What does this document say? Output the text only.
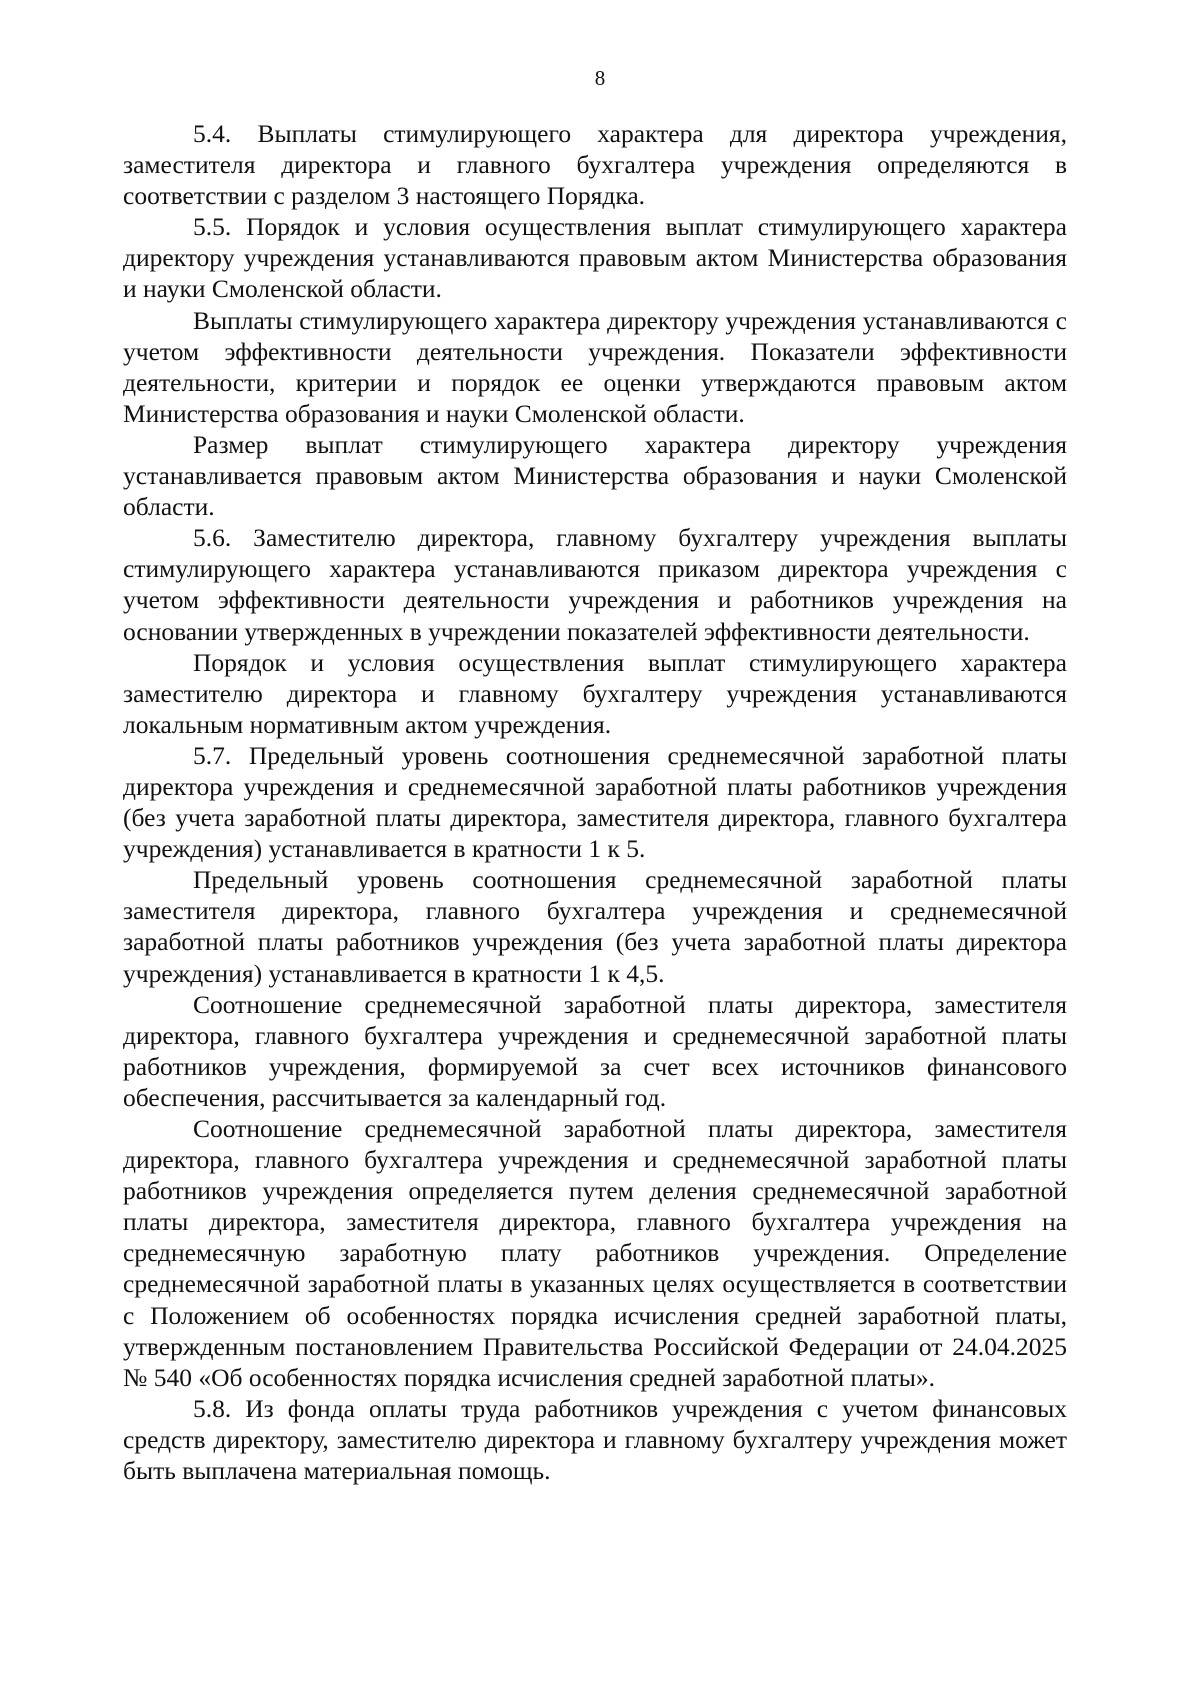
8

5.4. Выплаты стимулирующего характера для директора учреждения, заместителя директора и главного бухгалтера учреждения определяются в соответствии с разделом 3 настоящего Порядка.

5.5. Порядок и условия осуществления выплат стимулирующего характера директору учреждения устанавливаются правовым актом Министерства образования и науки Смоленской области.

Выплаты стимулирующего характера директору учреждения устанавливаются с учетом эффективности деятельности учреждения. Показатели эффективности деятельности, критерии и порядок ее оценки утверждаются правовым актом Министерства образования и науки Смоленской области.

Размер выплат стимулирующего характера директору учреждения устанавливается правовым актом Министерства образования и науки Смоленской области.

5.6. Заместителю директора, главному бухгалтеру учреждения выплаты стимулирующего характера устанавливаются приказом директора учреждения с учетом эффективности деятельности учреждения и работников учреждения на основании утвержденных в учреждении показателей эффективности деятельности.

Порядок и условия осуществления выплат стимулирующего характера заместителю директора и главному бухгалтеру учреждения устанавливаются локальным нормативным актом учреждения.

5.7. Предельный уровень соотношения среднемесячной заработной платы директора учреждения и среднемесячной заработной платы работников учреждения (без учета заработной платы директора, заместителя директора, главного бухгалтера учреждения) устанавливается в кратности 1 к 5.

Предельный уровень соотношения среднемесячной заработной платы заместителя директора, главного бухгалтера учреждения и среднемесячной заработной платы работников учреждения (без учета заработной платы директора учреждения) устанавливается в кратности 1 к 4,5.

Соотношение среднемесячной заработной платы директора, заместителя директора, главного бухгалтера учреждения и среднемесячной заработной платы работников учреждения, формируемой за счет всех источников финансового обеспечения, рассчитывается за календарный год.

Соотношение среднемесячной заработной платы директора, заместителя директора, главного бухгалтера учреждения и среднемесячной заработной платы работников учреждения определяется путем деления среднемесячной заработной платы директора, заместителя директора, главного бухгалтера учреждения на среднемесячную заработную плату работников учреждения. Определение среднемесячной заработной платы в указанных целях осуществляется в соответствии с Положением об особенностях порядка исчисления средней заработной платы, утвержденным постановлением Правительства Российской Федерации от 24.04.2025 № 540 «Об особенностях порядка исчисления средней заработной платы».

5.8. Из фонда оплаты труда работников учреждения с учетом финансовых средств директору, заместителю директора и главному бухгалтеру учреждения может быть выплачена материальная помощь.
